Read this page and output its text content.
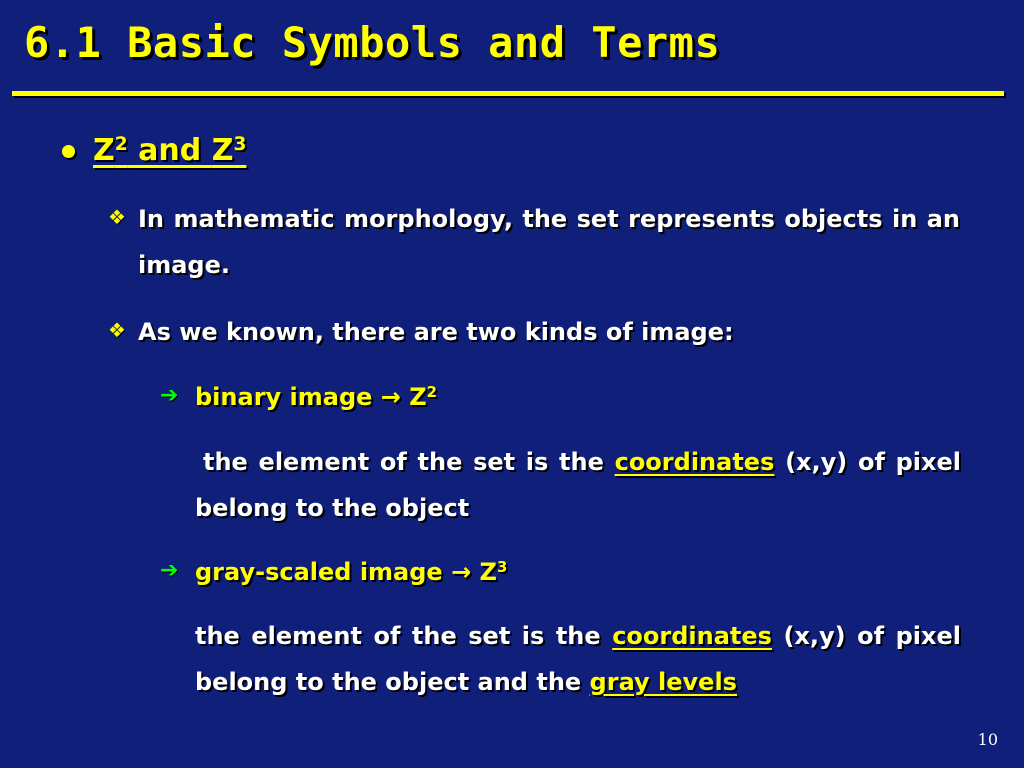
6.1 Basic Symbols and Terms
$Z^2$ and $Z^3$
❖ In mathematic morphology, the set represents objects in an image.
❖ As we known, there are two kinds of image:
➔ binary image → $Z^2$
the element of the set is the coordinates (x,y) of pixel belong to the object
➔ gray-scaled image → $Z^3$
the element of the set is the coordinates (x,y) of pixel belong to the object and the gray levels
10
